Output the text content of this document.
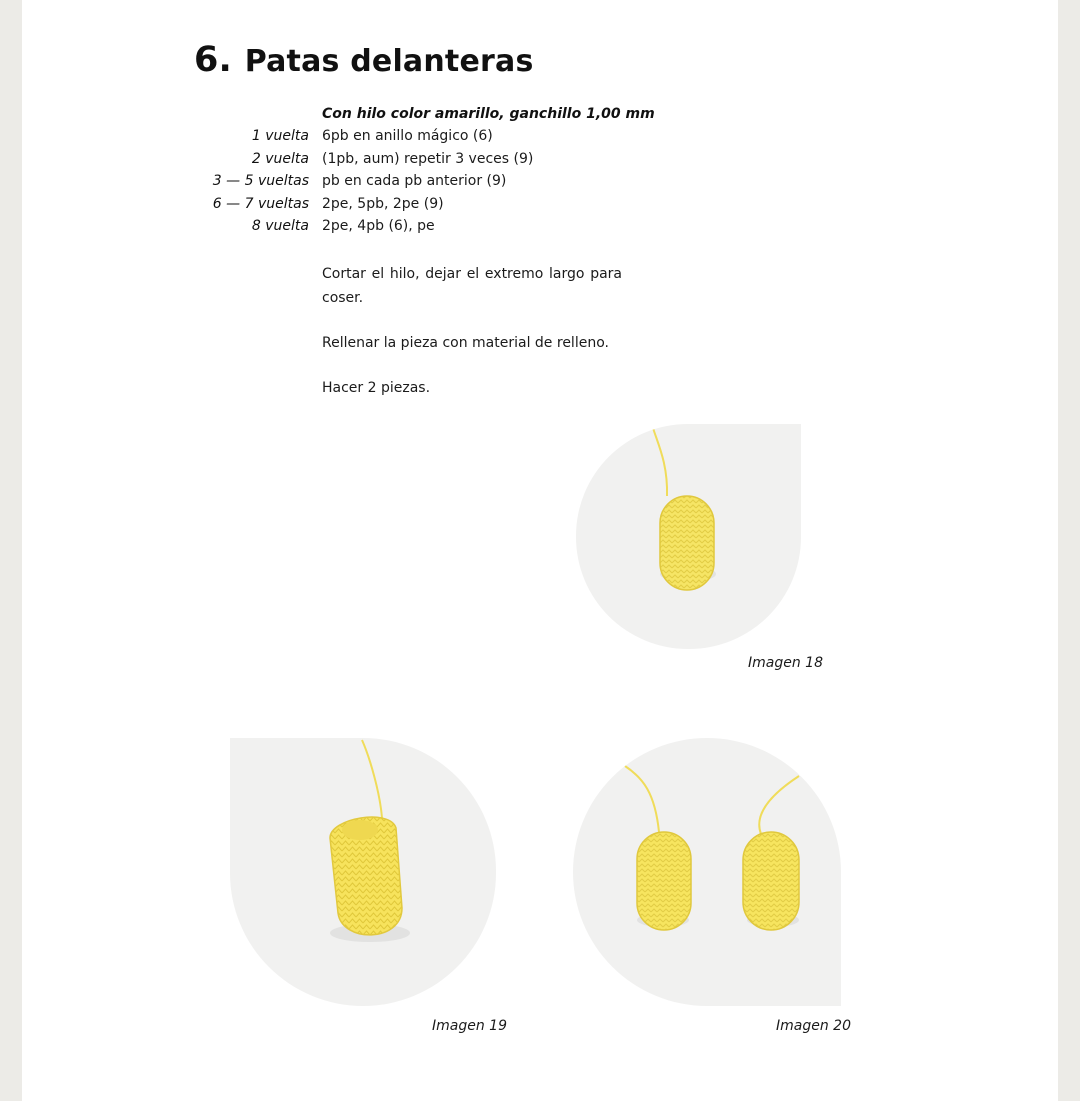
6. Patas delanteras
Con hilo color amarillo, ganchillo 1,00 mm
1 vuelta 6pb en anillo mágico (6)
2 vuelta (1pb, aum) repetir 3 veces (9)
3 — 5 vueltas pb en cada pb anterior (9)
6 — 7 vueltas 2pe, 5pb, 2pe (9)
8 vuelta 2pe, 4pb (6), pe

Cortar el hilo, dejar el extremo largo para coser.

Rellenar la pieza con material de relleno.

Hacer 2 piezas.

Imagen 18
Imagen 19	Imagen 20
